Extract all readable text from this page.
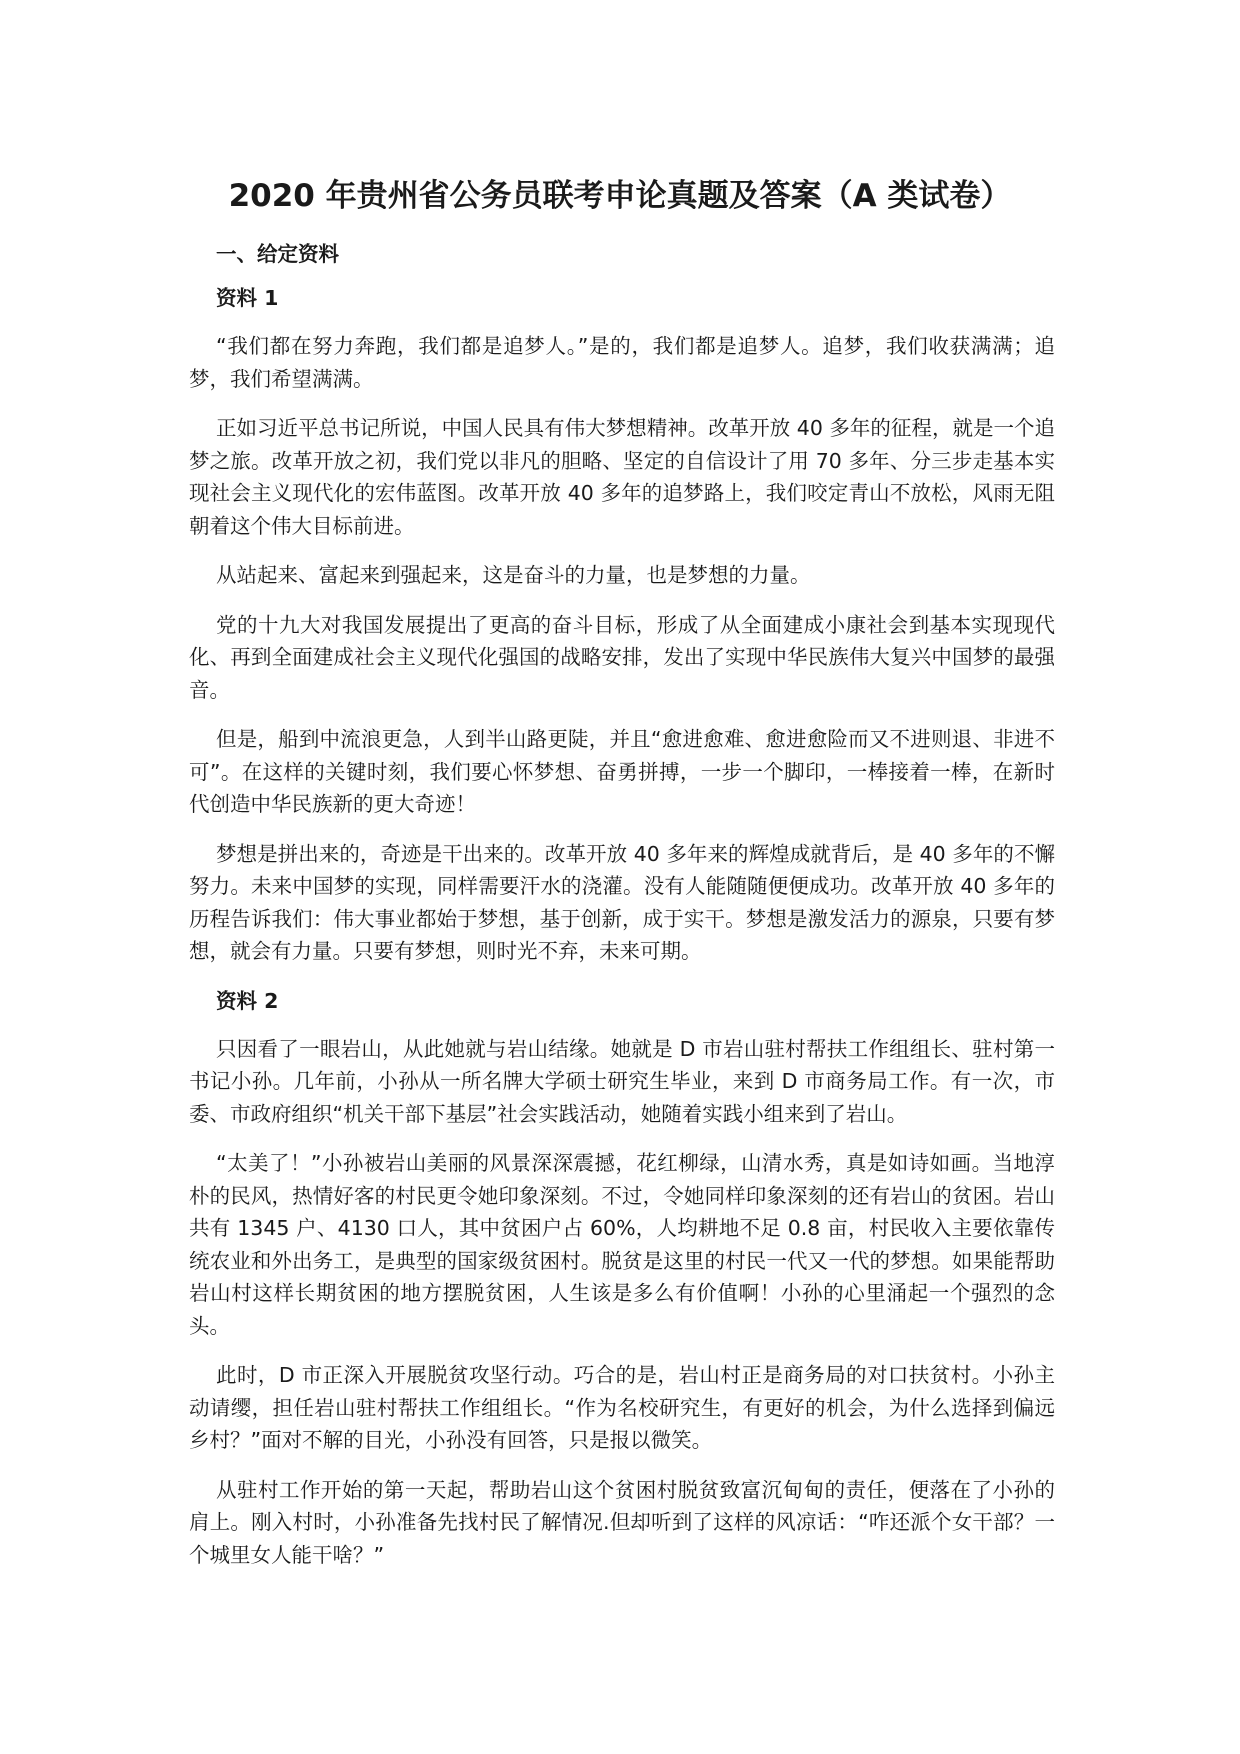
2020 年贵州省公务员联考申论真题及答案（A 类试卷）

一、给定资料

资料 1

“我们都在努力奔跑，我们都是追梦人。”是的，我们都是追梦人。追梦，我们收获满满；追梦，我们希望满满。

正如习近平总书记所说，中国人民具有伟大梦想精神。改革开放 40 多年的征程，就是一个追梦之旅。改革开放之初，我们党以非凡的胆略、坚定的自信设计了用 70 多年、分三步走基本实现社会主义现代化的宏伟蓝图。改革开放 40 多年的追梦路上，我们咬定青山不放松，风雨无阻朝着这个伟大目标前进。

从站起来、富起来到强起来，这是奋斗的力量，也是梦想的力量。

党的十九大对我国发展提出了更高的奋斗目标，形成了从全面建成小康社会到基本实现现代化、再到全面建成社会主义现代化强国的战略安排，发出了实现中华民族伟大复兴中国梦的最强音。

但是，船到中流浪更急，人到半山路更陡，并且“愈进愈难、愈进愈险而又不进则退、非进不可”。在这样的关键时刻，我们要心怀梦想、奋勇拼搏，一步一个脚印，一棒接着一棒，在新时代创造中华民族新的更大奇迹！

梦想是拼出来的，奇迹是干出来的。改革开放 40 多年来的辉煌成就背后，是 40 多年的不懈努力。未来中国梦的实现，同样需要汗水的浇灌。没有人能随随便便成功。改革开放 40 多年的历程告诉我们：伟大事业都始于梦想，基于创新，成于实干。梦想是激发活力的源泉，只要有梦想，就会有力量。只要有梦想，则时光不弃，未来可期。

资料 2

只因看了一眼岩山，从此她就与岩山结缘。她就是 D 市岩山驻村帮扶工作组组长、驻村第一书记小孙。几年前，小孙从一所名牌大学硕士研究生毕业，来到 D 市商务局工作。有一次，市委、市政府组织“机关干部下基层”社会实践活动，她随着实践小组来到了岩山。

“太美了！”小孙被岩山美丽的风景深深震撼，花红柳绿，山清水秀，真是如诗如画。当地淳朴的民风，热情好客的村民更令她印象深刻。不过，令她同样印象深刻的还有岩山的贫困。岩山共有 1345 户、4130 口人，其中贫困户占 60%，人均耕地不足 0.8 亩，村民收入主要依靠传统农业和外出务工，是典型的国家级贫困村。脱贫是这里的村民一代又一代的梦想。如果能帮助岩山村这样长期贫困的地方摆脱贫困，人生该是多么有价值啊！小孙的心里涌起一个强烈的念头。

此时，D 市正深入开展脱贫攻坚行动。巧合的是，岩山村正是商务局的对口扶贫村。小孙主动请缨，担任岩山驻村帮扶工作组组长。“作为名校研究生，有更好的机会，为什么选择到偏远乡村？”面对不解的目光，小孙没有回答，只是报以微笑。

从驻村工作开始的第一天起，帮助岩山这个贫困村脱贫致富沉甸甸的责任，便落在了小孙的肩上。刚入村时，小孙准备先找村民了解情况.但却听到了这样的风凉话：“咋还派个女干部？一个城里女人能干啥？”
